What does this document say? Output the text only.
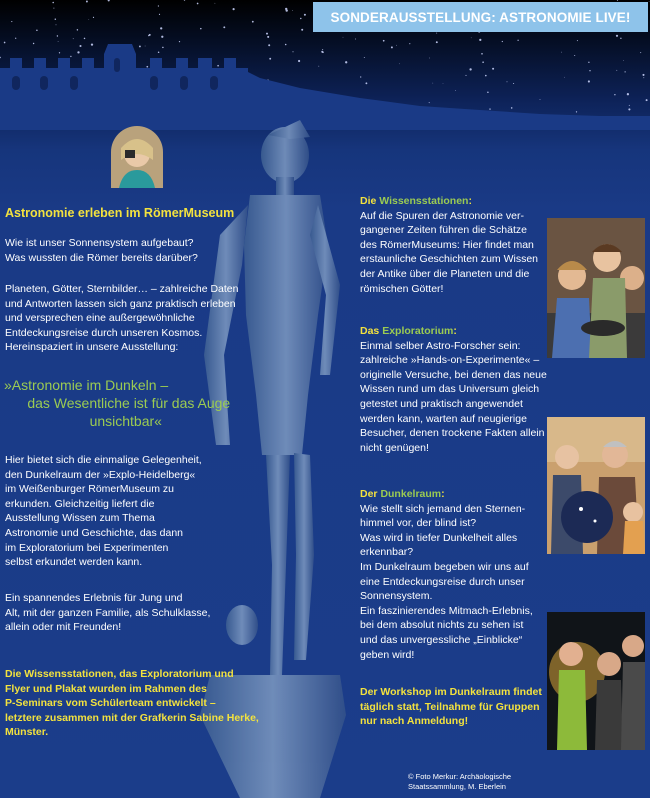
SONDERAUSSTELLUNG: ASTRONOMIE LIVE!
Astronomie erleben im RömerMuseum
Wie ist unser Sonnensystem aufgebaut?
Was wussten die Römer bereits darüber?
Planeten, Götter, Sternbilder… – zahlreiche Daten
und Antworten lassen sich ganz praktisch erleben
und versprechen eine außergewöhnliche
Entdeckungsreise durch unseren Kosmos.
Hereinspaziert in unsere Ausstellung:
»Astronomie im Dunkeln –
das Wesentliche ist für das Auge
unsichtbar«
Hier bietet sich die einmalige Gelegenheit,
den Dunkelraum der »Explo-Heidelberg«
im Weißenburger RömerMuseum zu
erkunden. Gleichzeitig liefert die
Ausstellung Wissen zum Thema
Astronomie und Geschichte, das dann
im Exploratorium bei Experimenten
selbst erkundet werden kann.
Ein spannendes Erlebnis für Jung und
Alt, mit der ganzen Familie, als Schulklasse,
allein oder mit Freunden!
Die Wissensstationen, das Exploratorium und
Flyer und Plakat wurden im Rahmen des
P-Seminars vom Schülerteam entwickelt –
letztere zusammen mit der Grafkerin Sabine Herke,
Münster.
Die Wissensstationen:
Auf die Spuren der Astronomie ver-
gangener Zeiten führen die Schätze
des RömerMuseums: Hier findet man
erstaunliche Geschichten zum Wissen
der Antike über die Planeten und die
römischen Götter!
Das Exploratorium:
Einmal selber Astro-Forscher sein:
zahlreiche »Hands-on-Experimente« –
originelle Versuche, bei denen das neue
Wissen rund um das Universum gleich
getestet und praktisch angewendet
werden kann, warten auf neugierige
Besucher, denen trockene Fakten allein
nicht genügen!
Der Dunkelraum:
Wie stellt sich jemand den Sternen-
himmel vor, der blind ist?
Was wird in tiefer Dunkelheit alles
erkennbar?
Im Dunkelraum begeben wir uns auf
eine Entdeckungsreise durch unser
Sonnensystem.
Ein faszinierendes Mitmach-Erlebnis,
bei dem absolut nichts zu sehen ist
und das unvergessliche „Einblicke“
geben wird!
Der Workshop im Dunkelraum findet
täglich statt, Teilnahme für Gruppen
nur nach Anmeldung!
© Foto Merkur: Archäologische
Staatssammlung, M. Eberlein
